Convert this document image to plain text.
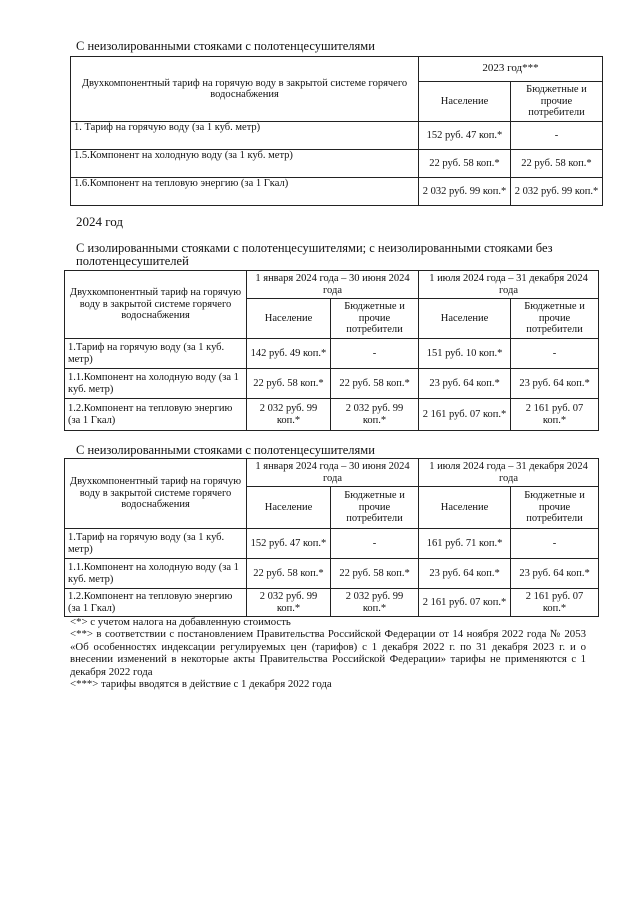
С неизолированными стояками с полотенцесушителями
Двухкомпонентный тариф на горячую воду в закрытой системе горячего водоснабжения	2023 год***	
	Население	Бюджетные и прочие потребители
1. Тариф на горячую воду (за 1 куб. метр)	152 руб. 47 коп.*	-
1.5.Компонент на холодную воду (за 1 куб. метр)	22 руб. 58 коп.*	22 руб. 58 коп.*
1.6.Компонент на тепловую энергию (за 1 Гкал)	2 032 руб. 99 коп.*	2 032 руб. 99 коп.*
2024 год
С изолированными стояками с полотенцесушителями; с неизолированными стояками без полотенцесушителей
Двухкомпонентный тариф на горячую воду в закрытой системе горячего водоснабжения	1 января 2024 года – 30 июня 2024 года		1 июля 2024 года – 31 декабря 2024 года	
	Население	Бюджетные и прочие потребители	Население	Бюджетные и прочие потребители
1.Тариф на горячую воду (за 1 куб. метр)	142 руб. 49 коп.*	-	151 руб. 10 коп.*	-
1.1.Компонент на холодную воду (за 1 куб. метр)	22 руб. 58 коп.*	22 руб. 58 коп.*	23 руб. 64 коп.*	23 руб. 64 коп.*
1.2.Компонент на тепловую энергию (за 1 Гкал)	2 032 руб. 99 коп.*	2 032 руб. 99 коп.*	2 161 руб. 07 коп.*	2 161 руб. 07 коп.*
С неизолированными стояками с полотенцесушителями
Двухкомпонентный тариф на горячую воду в закрытой системе горячего водоснабжения	1 января 2024 года – 30 июня 2024 года		1 июля 2024 года – 31 декабря 2024 года	
	Население	Бюджетные и прочие потребители	Население	Бюджетные и прочие потребители
1.Тариф на горячую воду (за 1 куб. метр)	152 руб. 47 коп.*	-	161 руб. 71 коп.*	-
1.1.Компонент на холодную воду (за 1 куб. метр)	22 руб. 58 коп.*	22 руб. 58 коп.*	23 руб. 64 коп.*	23 руб. 64 коп.*
1.2.Компонент на тепловую энергию (за 1 Гкал)	2 032 руб. 99 коп.*	2 032 руб. 99 коп.*	2 161 руб. 07 коп.*	2 161 руб. 07 коп.*

<*> с учетом налога на добавленную стоимость

<**> в соответствии с постановлением Правительства Российской Федерации от 14 ноября 2022 года № 2053 «Об особенностях индексации регулируемых цен (тарифов) с 1 декабря 2022 г. по 31 декабря 2023 г. и о внесении изменений в некоторые акты Правительства Российской Федерации» тарифы не применяются с 1 декабря 2022 года

<***> тарифы вводятся в действие с 1 декабря 2022 года
